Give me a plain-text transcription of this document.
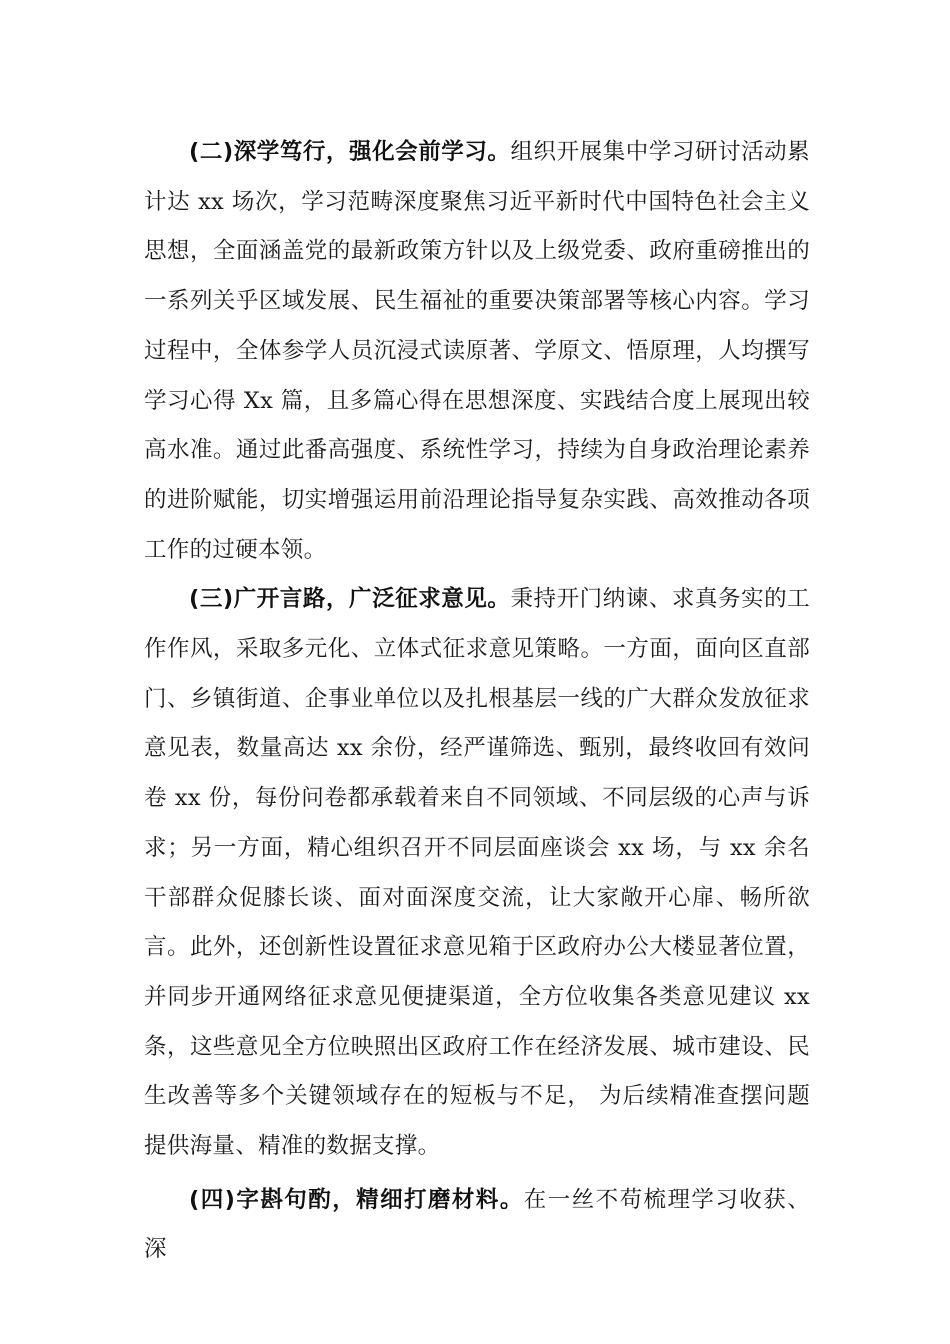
(二)深学笃行，强化会前学习。组织开展集中学习研讨活动累计达 xx 场次，学习范畴深度聚焦习近平新时代中国特色社会主义思想，全面涵盖党的最新政策方针以及上级党委、政府重磅推出的一系列关乎区域发展、民生福祉的重要决策部署等核心内容。学习过程中，全体参学人员沉浸式读原著、学原文、悟原理，人均撰写学习心得 Xx 篇，且多篇心得在思想深度、实践结合度上展现出较高水准。通过此番高强度、系统性学习，持续为自身政治理论素养的进阶赋能，切实增强运用前沿理论指导复杂实践、高效推动各项工作的过硬本领。

(三)广开言路，广泛征求意见。秉持开门纳谏、求真务实的工作作风，采取多元化、立体式征求意见策略。一方面，面向区直部门、乡镇街道、企事业单位以及扎根基层一线的广大群众发放征求意见表，数量高达 xx 余份，经严谨筛选、甄别，最终收回有效问卷 xx 份，每份问卷都承载着来自不同领域、不同层级的心声与诉求；另一方面，精心组织召开不同层面座谈会 xx 场，与 xx 余名干部群众促膝长谈、面对面深度交流，让大家敞开心扉、畅所欲言。此外，还创新性设置征求意见箱于区政府办公大楼显著位置，并同步开通网络征求意见便捷渠道，全方位收集各类意见建议 xx 条，这些意见全方位映照出区政府工作在经济发展、城市建设、民生改善等多个关键领域存在的短板与不足， 为后续精准查摆问题提供海量、精准的数据支撑。

(四)字斟句酌，精细打磨材料。在一丝不苟梳理学习收获、 深
